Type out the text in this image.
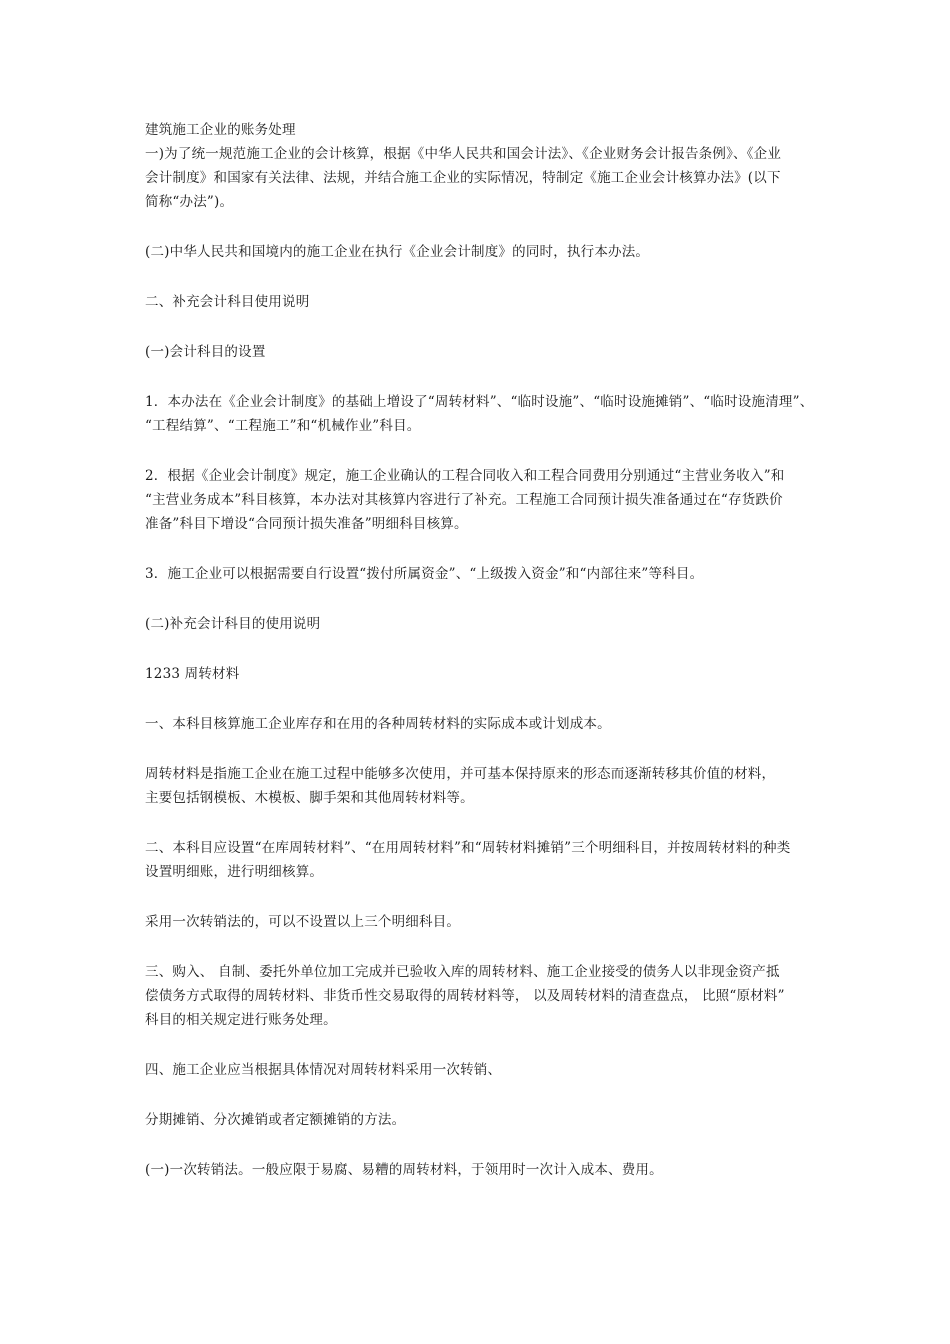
建筑施工企业的账务处理
一)为了统一规范施工企业的会计核算，根据《中华人民共和国会计法》、《企业财务会计报告条例》、《企业
会计制度》和国家有关法律、法规，并结合施工企业的实际情况，特制定《施工企业会计核算办法》(以下
简称“办法”)。
(二)中华人民共和国境内的施工企业在执行《企业会计制度》的同时，执行本办法。
二、补充会计科目使用说明
(一)会计科目的设置
1．本办法在《企业会计制度》的基础上增设了“周转材料”、“临时设施”、“临时设施摊销”、“临时设施清理”、
“工程结算”、“工程施工”和“机械作业”科目。
2．根据《企业会计制度》规定，施工企业确认的工程合同收入和工程合同费用分别通过“主营业务收入”和
“主营业务成本”科目核算，本办法对其核算内容进行了补充。工程施工合同预计损失准备通过在“存货跌价
准备”科目下增设“合同预计损失准备”明细科目核算。
3．施工企业可以根据需要自行设置“拨付所属资金”、“上级拨入资金”和“内部往来”等科目。
(二)补充会计科目的使用说明
1233 周转材料
一、本科目核算施工企业库存和在用的各种周转材料的实际成本或计划成本。
周转材料是指施工企业在施工过程中能够多次使用，并可基本保持原来的形态而逐渐转移其价值的材料，
主要包括钢模板、木模板、脚手架和其他周转材料等。
二、本科目应设置“在库周转材料”、“在用周转材料”和“周转材料摊销”三个明细科目，并按周转材料的种类
设置明细账，进行明细核算。
采用一次转销法的，可以不设置以上三个明细科目。
三、购入、 自制、委托外单位加工完成并已验收入库的周转材料、施工企业接受的债务人以非现金资产抵
偿债务方式取得的周转材料、非货币性交易取得的周转材料等， 以及周转材料的清查盘点， 比照“原材料”
科目的相关规定进行账务处理。
四、施工企业应当根据具体情况对周转材料采用一次转销、
分期摊销、分次摊销或者定额摊销的方法。
(一)一次转销法。一般应限于易腐、易糟的周转材料，于领用时一次计入成本、费用。
